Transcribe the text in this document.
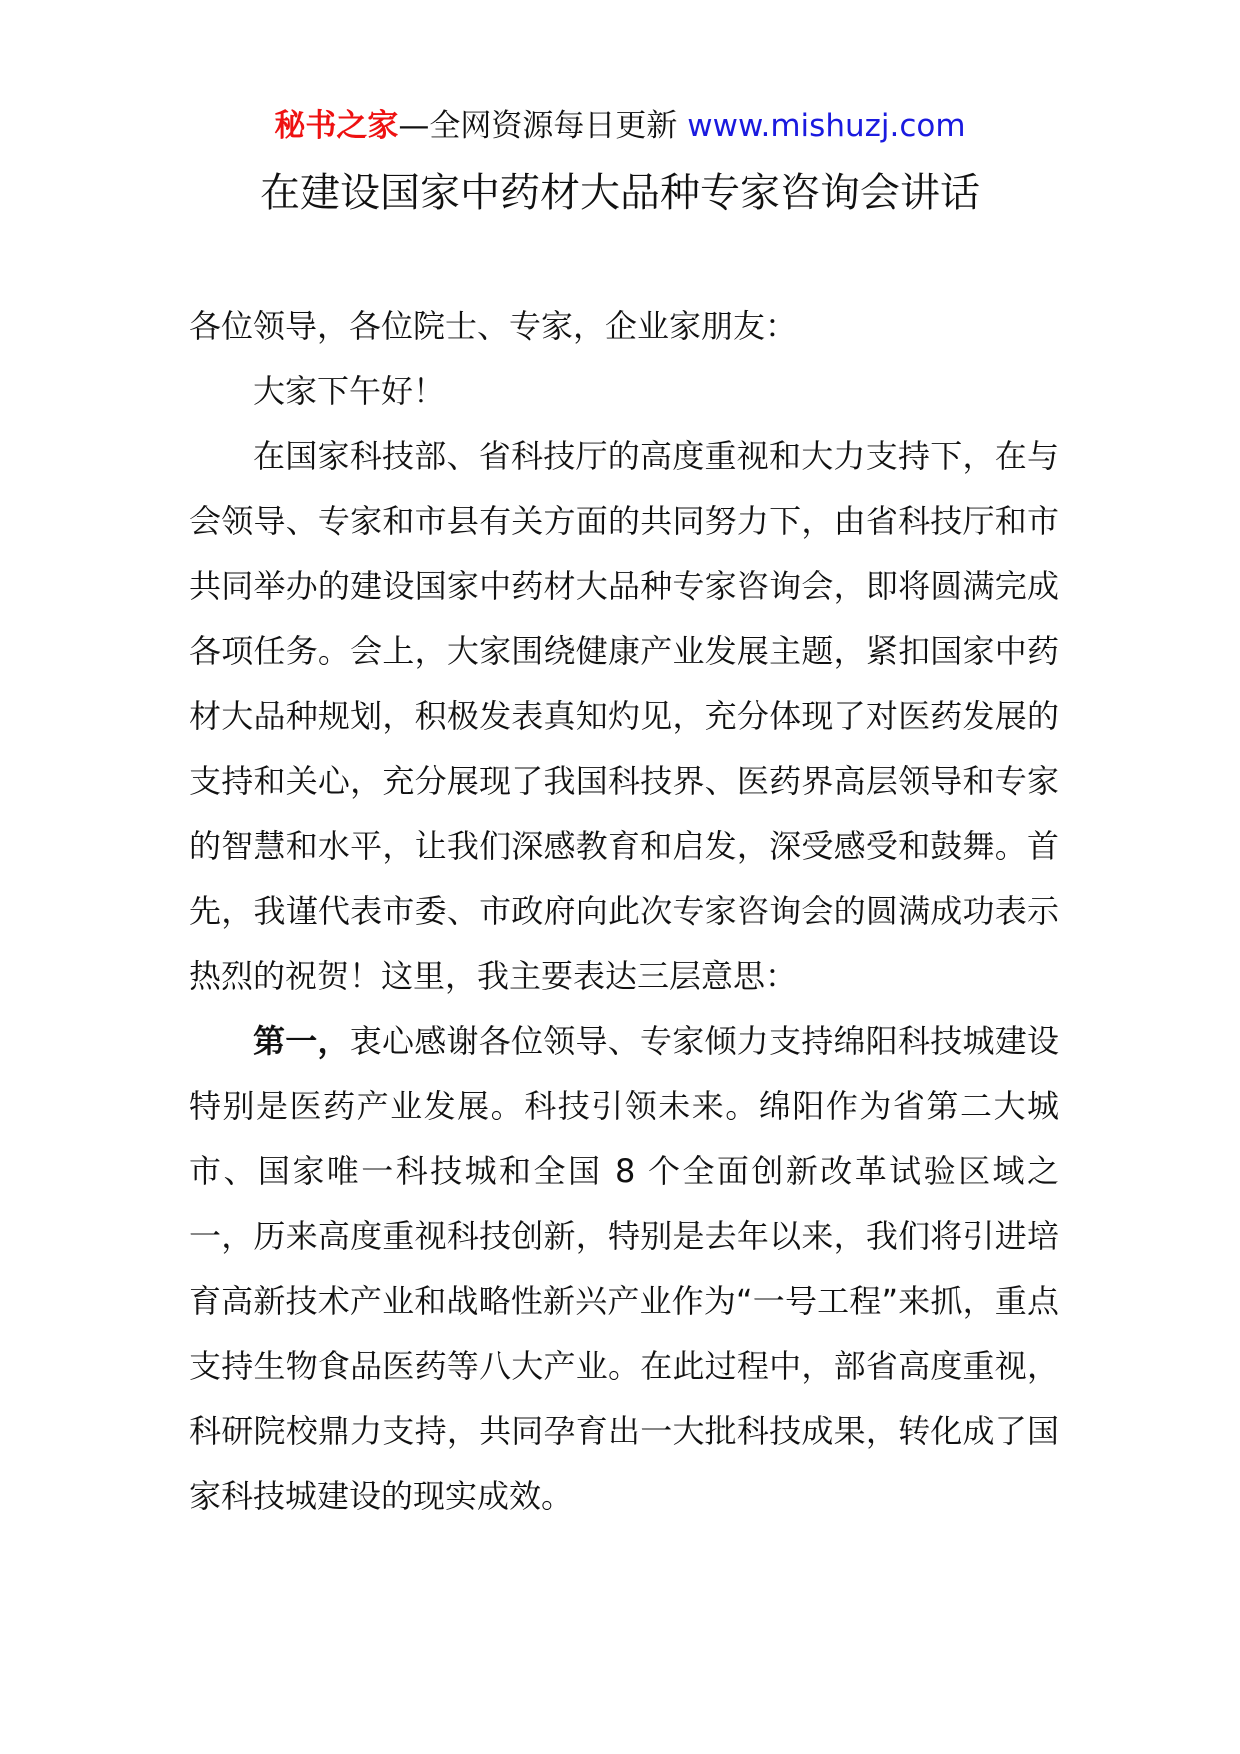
秘书之家—全网资源每日更新 www.mishuzj.com
在建设国家中药材大品种专家咨询会讲话

各位领导，各位院士、专家，企业家朋友：

大家下午好！

在国家科技部、省科技厅的高度重视和大力支持下，在与会领导、专家和市县有关方面的共同努力下，由省科技厅和市共同举办的建设国家中药材大品种专家咨询会，即将圆满完成各项任务。会上，大家围绕健康产业发展主题，紧扣国家中药材大品种规划，积极发表真知灼见，充分体现了对医药发展的支持和关心，充分展现了我国科技界、医药界高层领导和专家的智慧和水平，让我们深感教育和启发，深受感受和鼓舞。首先，我谨代表市委、市政府向此次专家咨询会的圆满成功表示热烈的祝贺！这里，我主要表达三层意思：

第一，衷心感谢各位领导、专家倾力支持绵阳科技城建设特别是医药产业发展。科技引领未来。绵阳作为省第二大城市、国家唯一科技城和全国 8 个全面创新改革试验区域之一，历来高度重视科技创新，特别是去年以来，我们将引进培育高新技术产业和战略性新兴产业作为“一号工程”来抓，重点支持生物食品医药等八大产业。在此过程中，部省高度重视，科研院校鼎力支持，共同孕育出一大批科技成果，转化成了国家科技城建设的现实成效。
